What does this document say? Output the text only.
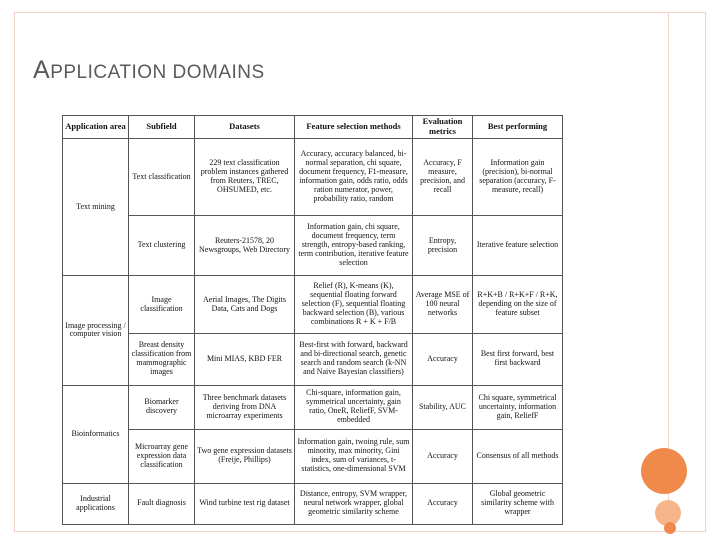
APPLICATION DOMAINS
Application area	Subfield	Datasets	Feature selection methods	Evaluation metrics	Best performing
Text mining	Text classification	229 text classification problem instances gathered from Reuters, TREC, OHSUMED, etc.	Accuracy, accuracy balanced, bi-normal separation, chi square, document frequency, F1-measure, information gain, odds ratio, odds ration numerator, power, probability ratio, random	Accuracy, F measure, precision, and recall	Information gain (precision), bi-normal separation (accuracy, F-measure, recall)
	Text clustering	Reuters-21578, 20 Newsgroups, Web Directory	Information gain, chi square, document frequency, term strength, entropy-based ranking, term contribution, iterative feature selection	Entropy, precision	Iterative feature selection
Image processing / computer vision	Image classification	Aerial Images, The Digits Data, Cats and Dogs	Relief (R), K-means (K), sequential floating forward selection (F), sequential floating backward selection (B), various combinations R + K + F/B	Average MSE of 100 neural networks	R+K+B / R+K+F / R+K, depending on the size of feature subset
	Breast density classification from mammographic images	Mini MIAS, KBD FER	Best-first with forward, backward and bi-directional search, genetic search and random search (k-NN and Naive Bayesian classifiers)	Accuracy	Best first forward, best first backward
Bioinformatics	Biomarker discovery	Three benchmark datasets deriving from DNA microarray experiments	Chi-square, information gain, symmetrical uncertainty, gain ratio, OneR, ReliefF, SVM-embedded	Stability, AUC	Chi square, symmetrical uncertainty, information gain, ReliefF
	Microarray gene expression data classification	Two gene expression datasets (Freije, Phillips)	Information gain, twoing rule, sum minority, max minority, Gini index, sum of variances, t-statistics, one-dimensional SVM	Accuracy	Consensus of all methods
Industrial applications	Fault diagnosis	Wind turbine test rig dataset	Distance, entropy, SVM wrapper, neural network wrapper, global geometric similarity scheme	Accuracy	Global geometric similarity scheme with wrapper
